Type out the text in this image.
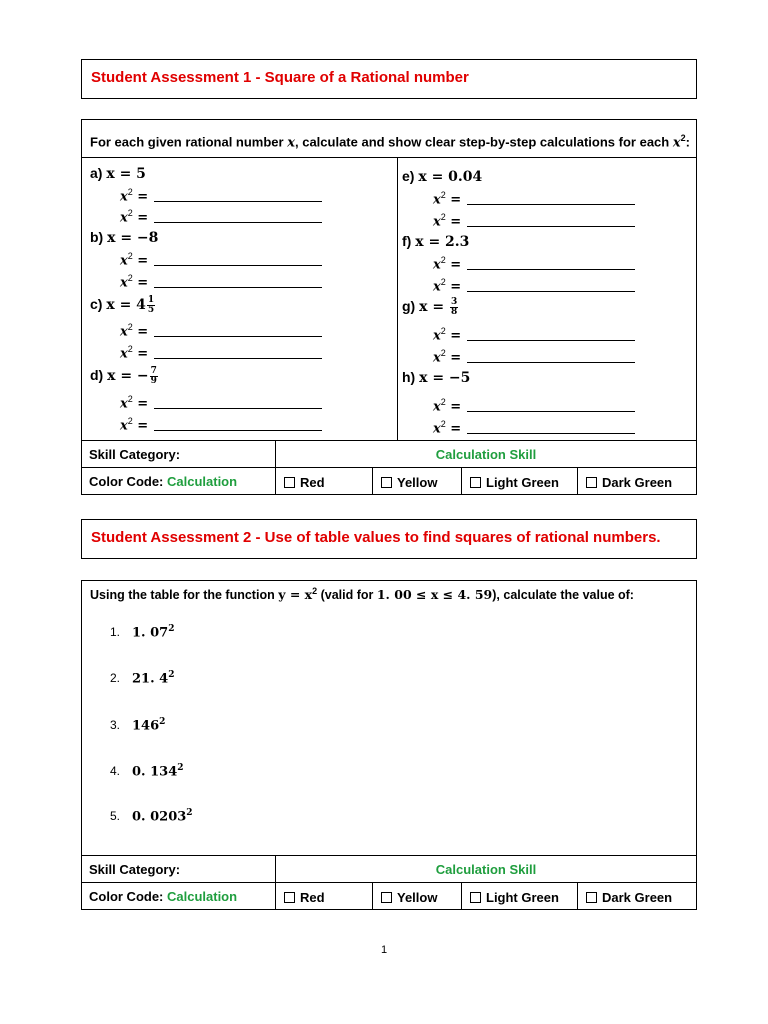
Student Assessment 1 - Square of a Rational number
For each given rational number x, calculate and show clear step-by-step calculations for each $x^2$:
a) x = 5
$x^2$ =
$x^2$ =
b) x = −8
$x^2$ =
$x^2$ =
c) $x = 4 \frac{1}{5}$
$x^2$ =
$x^2$ =
d) x = − $\frac{7}{9}$
$x^2$ =
$x^2$ =
e) x = 0.04
$x^2$ =
$x^2$ =
f) x = 2.3
$x^2$ =
$x^2$ =
g) $x = \frac{3}{8}$
$x^2$ =
$x^2$ =
h) x = −5
$x^2$ =
$x^2$ =
Skill Category:	Calculation Skill
Color Code: Calculation	Red	Yellow	Light Green	Dark Green
Student Assessment 2 - Use of table values to find squares of rational numbers.
Using the table for the function $y = x^2$ (valid for 1. 00 ≤ x ≤ 4. 59), calculate the value of:
1. 1. $07^2$
2. 21. $4^2$
3. $146^2$
4. 0. $134^2$
5. 0. 0203$^2$
Skill Category:	Calculation Skill
Color Code: Calculation	Red	Yellow	Light Green	Dark Green
1
